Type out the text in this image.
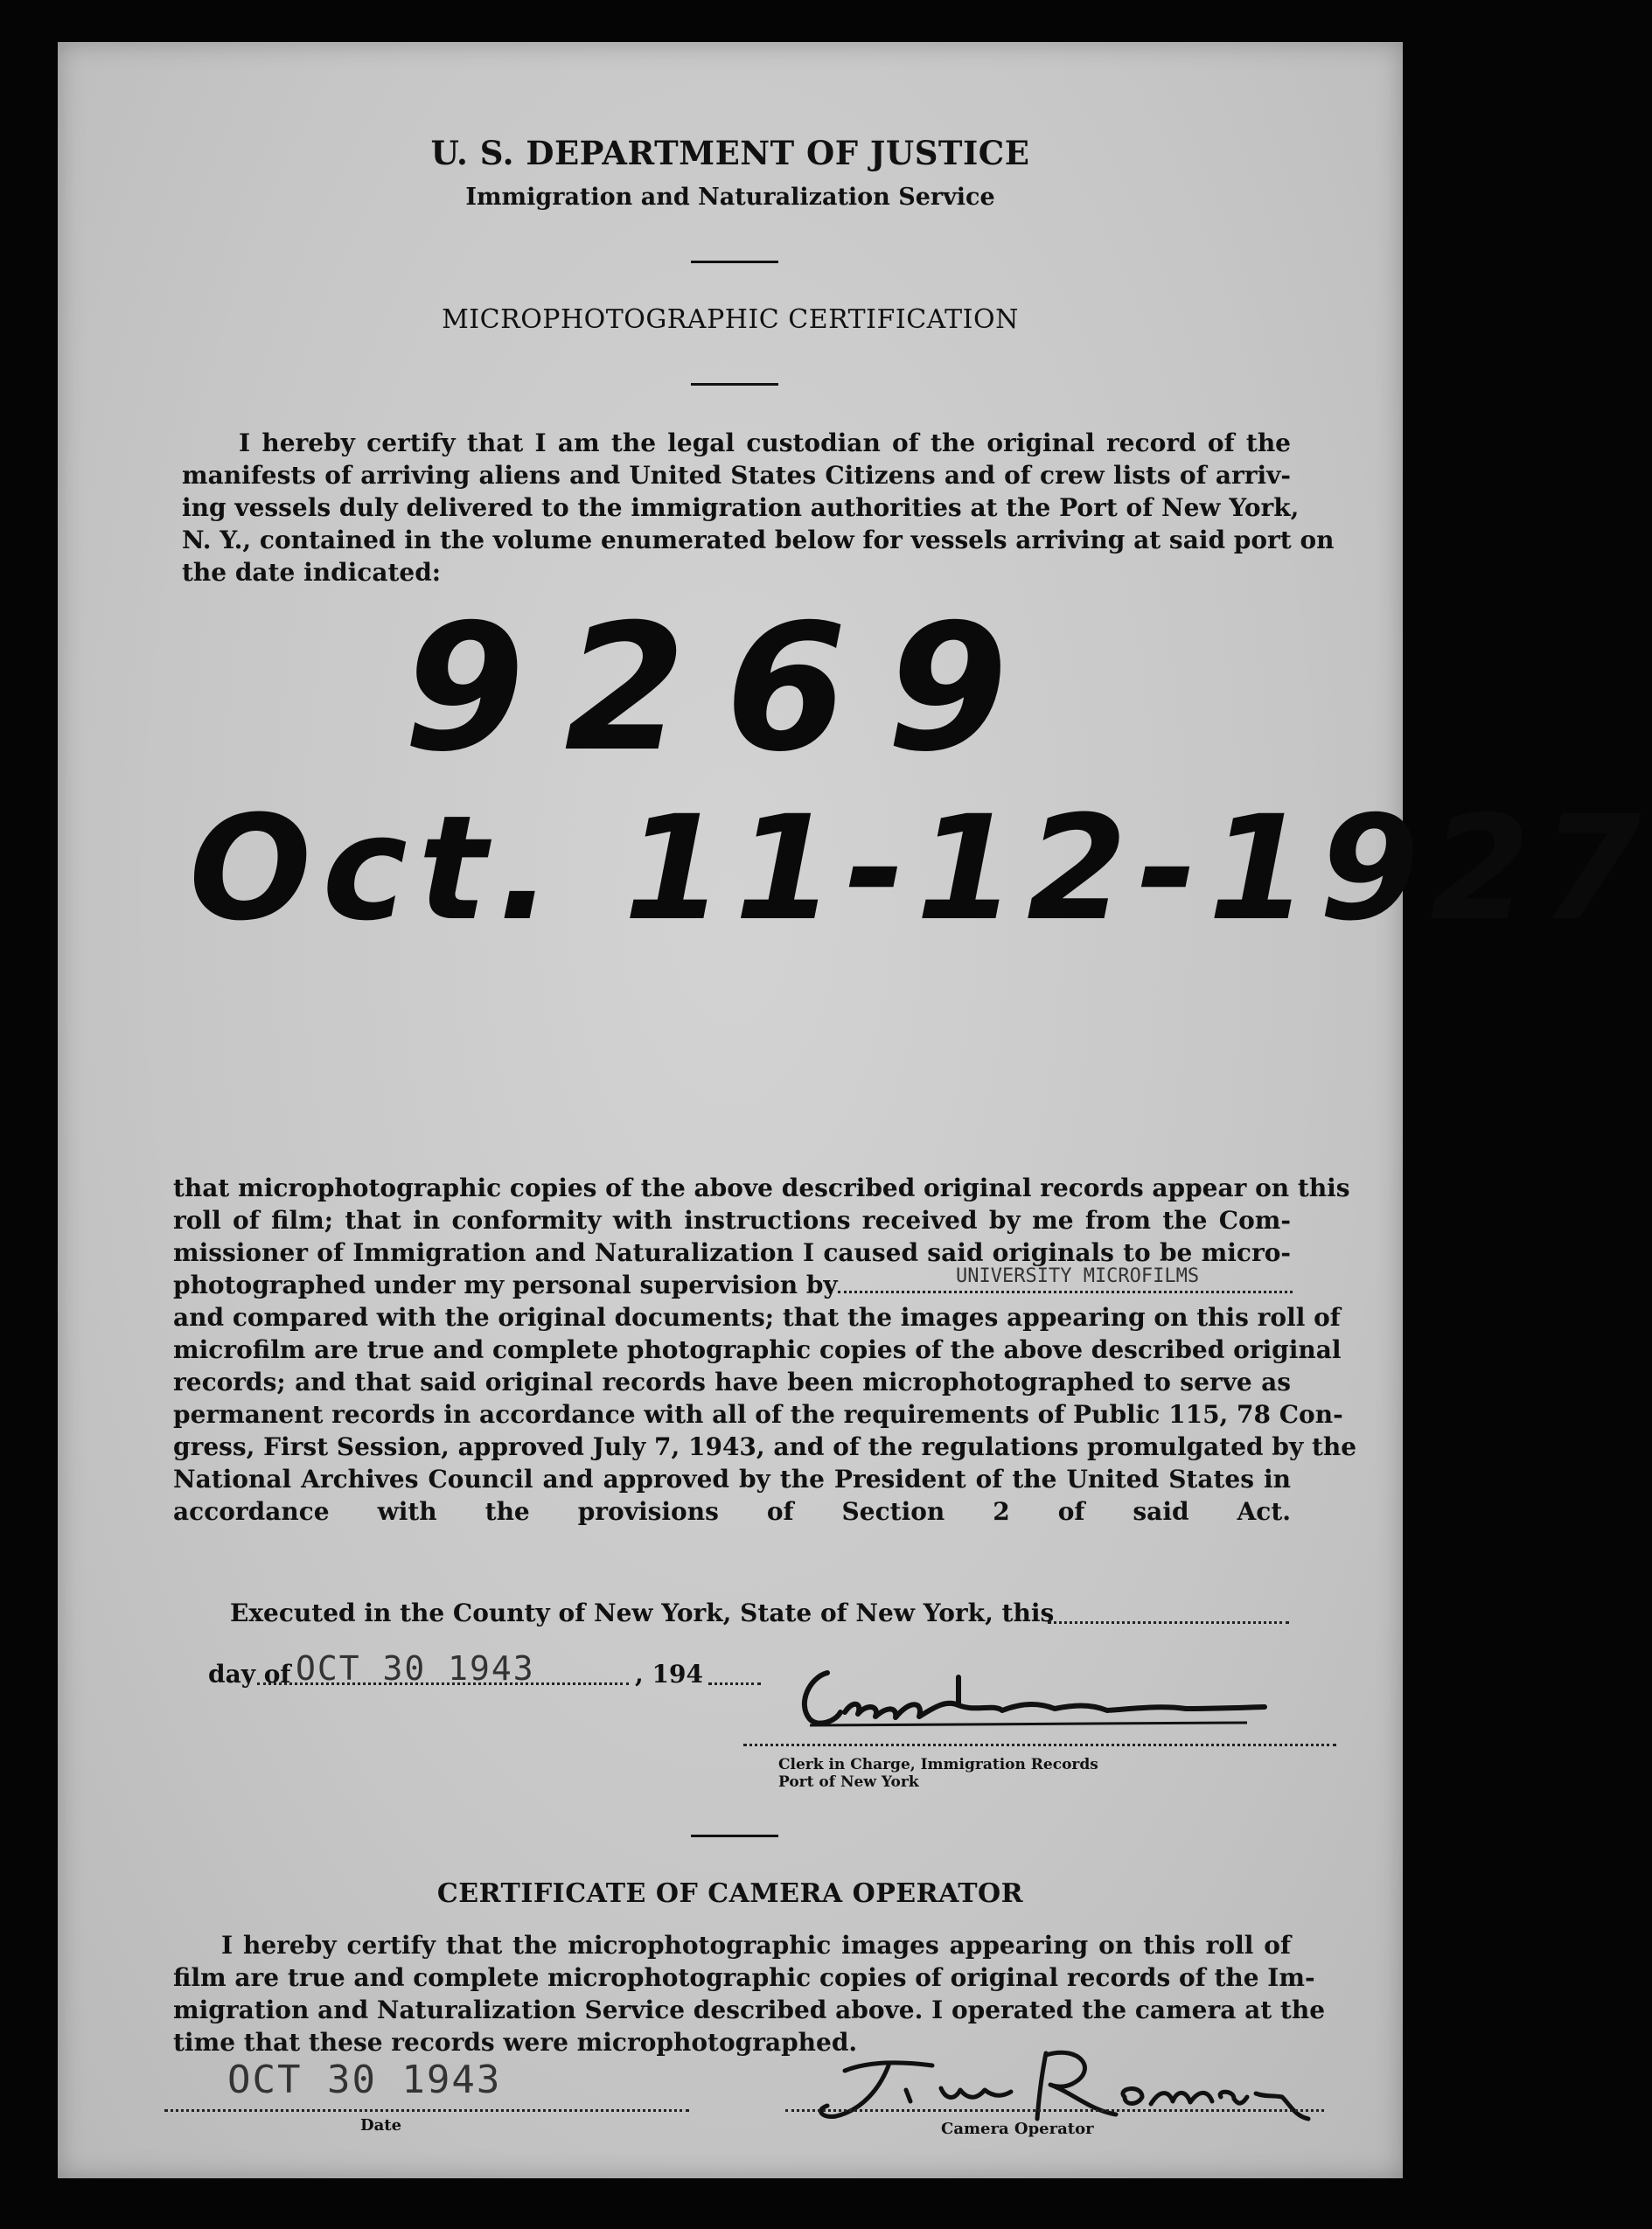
U. S. DEPARTMENT OF JUSTICE
Immigration and Naturalization Service
MICROPHOTOGRAPHIC CERTIFICATION
I hereby certify that I am the legal custodian of the original record of the
manifests of arriving aliens and United States Citizens and of crew lists of arriv-
ing vessels duly delivered to the immigration authorities at the Port of New York,
N. Y., contained in the volume enumerated below for vessels arriving at said port on
the date indicated:
9269
Oct. 11-12-1927
that microphotographic copies of the above described original records appear on this
roll of film; that in conformity with instructions received by me from the Com-
missioner of Immigration and Naturalization I caused said originals to be micro-
photographed under my personal supervision by	UNIVERSITY MICROFILMS
and compared with the original documents; that the images appearing on this roll of
microfilm are true and complete photographic copies of the above described original
records; and that said original records have been microphotographed to serve as
permanent records in accordance with all of the requirements of Public 115, 78 Con-
gress, First Session, approved July 7, 1943, and of the regulations promulgated by the
National Archives Council and approved by the President of the United States in
accordance with the provisions of Section 2 of said Act.
Executed in the County of New York, State of New York, this
day of OCT 30 1943	, 194
Clerk in Charge, Immigration Records
Port of New York
CERTIFICATE OF CAMERA OPERATOR
I hereby certify that the microphotographic images appearing on this roll of
film are true and complete microphotographic copies of original records of the Im-
migration and Naturalization Service described above. I operated the camera at the
time that these records were microphotographed.
OCT 30 1943
Date	Camera Operator
